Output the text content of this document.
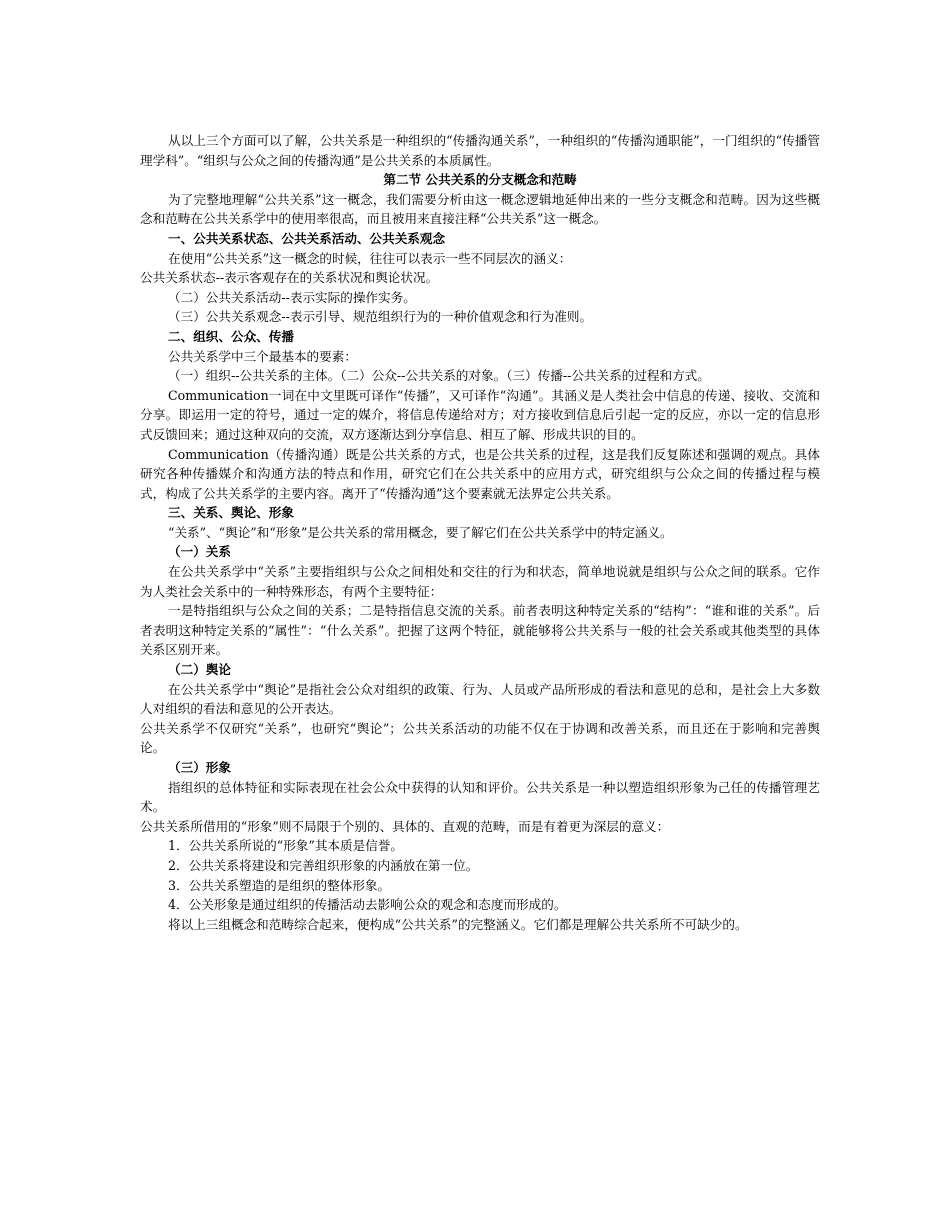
从以上三个方面可以了解，公共关系是一种组织的“传播沟通关系”，一种组织的“传播沟通职能”，一门组织的“传播管理学科”。“组织与公众之间的传播沟通”是公共关系的本质属性。

第二节 公共关系的分支概念和范畴

为了完整地理解“公共关系”这一概念，我们需要分析由这一概念逻辑地延伸出来的一些分支概念和范畴。因为这些概念和范畴在公共关系学中的使用率很高，而且被用来直接注释“公共关系”这一概念。

一、公共关系状态、公共关系活动、公共关系观念

在使用“公共关系”这一概念的时候，往往可以表示一些不同层次的涵义：

公共关系状态--表示客观存在的关系状况和舆论状况。

（二）公共关系活动--表示实际的操作实务。

（三）公共关系观念--表示引导、规范组织行为的一种价值观念和行为准则。

二、组织、公众、传播

公共关系学中三个最基本的要素：

（一）组织--公共关系的主体。（二）公众--公共关系的对象。（三）传播--公共关系的过程和方式。

Communication一词在中文里既可译作“传播”，又可译作“沟通”。其涵义是人类社会中信息的传递、接收、交流和分享。即运用一定的符号，通过一定的媒介，将信息传递给对方；对方接收到信息后引起一定的反应，亦以一定的信息形式反馈回来；通过这种双向的交流，双方逐渐达到分享信息、相互了解、形成共识的目的。

Communication（传播沟通）既是公共关系的方式，也是公共关系的过程，这是我们反复陈述和强调的观点。具体研究各种传播媒介和沟通方法的特点和作用，研究它们在公共关系中的应用方式，研究组织与公众之间的传播过程与模式，构成了公共关系学的主要内容。离开了“传播沟通”这个要素就无法界定公共关系。

三、关系、舆论、形象

“关系”、“舆论”和“形象”是公共关系的常用概念，要了解它们在公共关系学中的特定涵义。

（一）关系

在公共关系学中“关系”主要指组织与公众之间相处和交往的行为和状态，简单地说就是组织与公众之间的联系。它作为人类社会关系中的一种特殊形态，有两个主要特征：

一是特指组织与公众之间的关系；二是特指信息交流的关系。前者表明这种特定关系的“结构”：“谁和谁的关系”。后者表明这种特定关系的“属性”：“什么关系”。把握了这两个特征，就能够将公共关系与一般的社会关系或其他类型的具体关系区别开来。

（二）舆论

在公共关系学中“舆论”是指社会公众对组织的政策、行为、人员或产品所形成的看法和意见的总和，是社会上大多数人对组织的看法和意见的公开表达。

公共关系学不仅研究“关系”，也研究“舆论”；公共关系活动的功能不仅在于协调和改善关系，而且还在于影响和完善舆论。

（三）形象

指组织的总体特征和实际表现在社会公众中获得的认知和评价。公共关系是一种以塑造组织形象为己任的传播管理艺术。

公共关系所借用的“形象”则不局限于个别的、具体的、直观的范畴，而是有着更为深层的意义：

1．公共关系所说的“形象”其本质是信誉。

2．公共关系将建设和完善组织形象的内涵放在第一位。

3．公共关系塑造的是组织的整体形象。

4．公关形象是通过组织的传播活动去影响公众的观念和态度而形成的。

将以上三组概念和范畴综合起来，便构成“公共关系”的完整涵义。它们都是理解公共关系所不可缺少的。
